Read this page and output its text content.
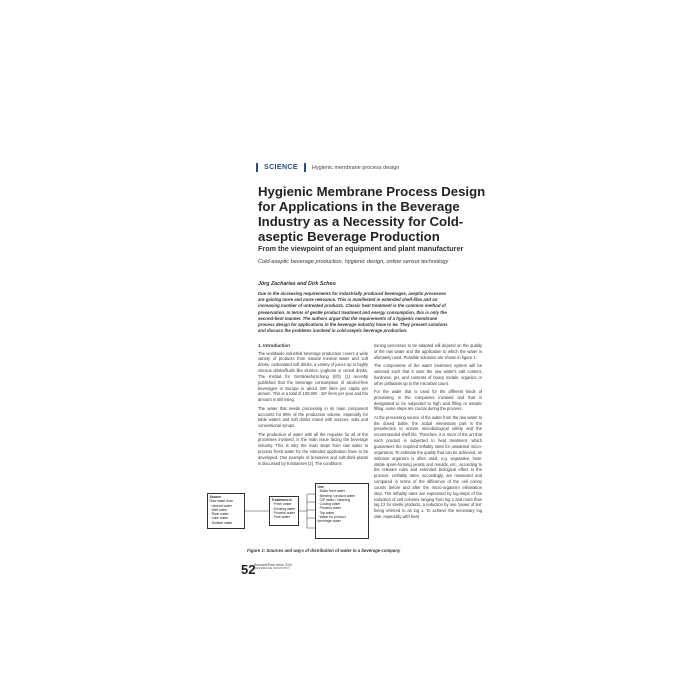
SCIENCE	Hygienic membrane process design
Hygienic Membrane Process Design for Applications in the Beverage Industry as a Necessity for Cold-aseptic Beverage Production
From the viewpoint of an equipment and plant manufacturer
Cold-aseptic beverage production, hygienic design, online sensor technology
Jörg Zacharias and Dirk Scheu

Due to the increasing requirements for industrially produced beverages, aseptic processes are gaining more and more relevance. This is manifested in extended shelf-lifes and an increasing number of untreated products. Classic heat treatment is the common method of preservation. In terms of gentle product treatment and energy consumption, this is only the second-best manner. The authors argue that the requirements of a hygienic membrane process design for applications in the beverage industry have to be. They present solutions and discuss the problems involved in cold-aseptic beverage production.

1. Introduction

The worldwide industrial beverage production covers a wide variety of products from natural mineral water and soft drinks, carbonated soft drinks, a variety of juices up to highly viscous drinks/fluids like slurries, yoghurts or cereal drinks. The Institut für Getränkeforschung (IfG) [1] recently published that the beverage consumption of alcohol-free beverages in Europe is about 200 liters per capita per annum. This is a total of 100,000 · 10⁶ liters per year and the amount is still rising.

The water that needs processing in its main component accounts for 85% of the production volume, especially for table waters and soft drinks mixed with sources, soils and conventional syrups.

The production of water with all the requisite for all of the processes involved, is the main issue facing the beverage industry. This is why the main steps from raw water to process fresh water for the intended application have to be developed. One example of breweries and soft-drink plants is discussed by Kristiansen [2]. The conditions

tioning processes to be adapted will depend on the quality of the raw water and the application to which the water is ultimately used. Possible solutions are shown in figure 1.

The components of the water treatment system will be selected such that it suits the raw water's salt content, hardness, pH, and contents of heavy metals, organics or other pollutants up to the microbial count.

For the water that is used for the different kinds of processing in the companies involved and that is designated to be subjected to high acid filling or aseptic filling, some steps are crucial during the process.

At the processing source of the water from the raw water to the dosed bottle, the actual elementary part is the preselection to ensure microbiological safety and the recommended shelf life. Therefore, it is more of the art that each product is subjected to heat treatment, which guarantees the required lethality rates for unwanted micro-organisms. To estimate the quality that can be achieved, an indicator organism is often used, e.g. vegetative, heat-stable spore-forming yeasts and moulds, etc., according to the relevant rules and extended biological effect in the process. Lethality rates, accordingly, are measured and compared in terms of the difference of the cell colony counts before and after the micro-organism elimination step. The lethality rates are expressed by log-steps of the reduction of cell colonies ranging from log 1 and more than log 12 for sterile products, a reduction by one 'power of ten' being referred to as log 1. To achieve the necessary log rate, especially with heat

Source
Raw water from
· mineral water
· Well water
· River water
· Lake water
· Surface water
Treatment in
· Fresh water
· Drinking water
· Process water
· Pure water
Use
· Boiler feed water
· Brewing / product water
· CIP water / cleaning
· Cooling water
· Process water
· Top water
· Water for product
beverage water
Figure 1: Sources and ways of distribution of water in a beverage company
52
Brauwelt/Pack Neue 2010
BEVERAGE INDUSTRY
